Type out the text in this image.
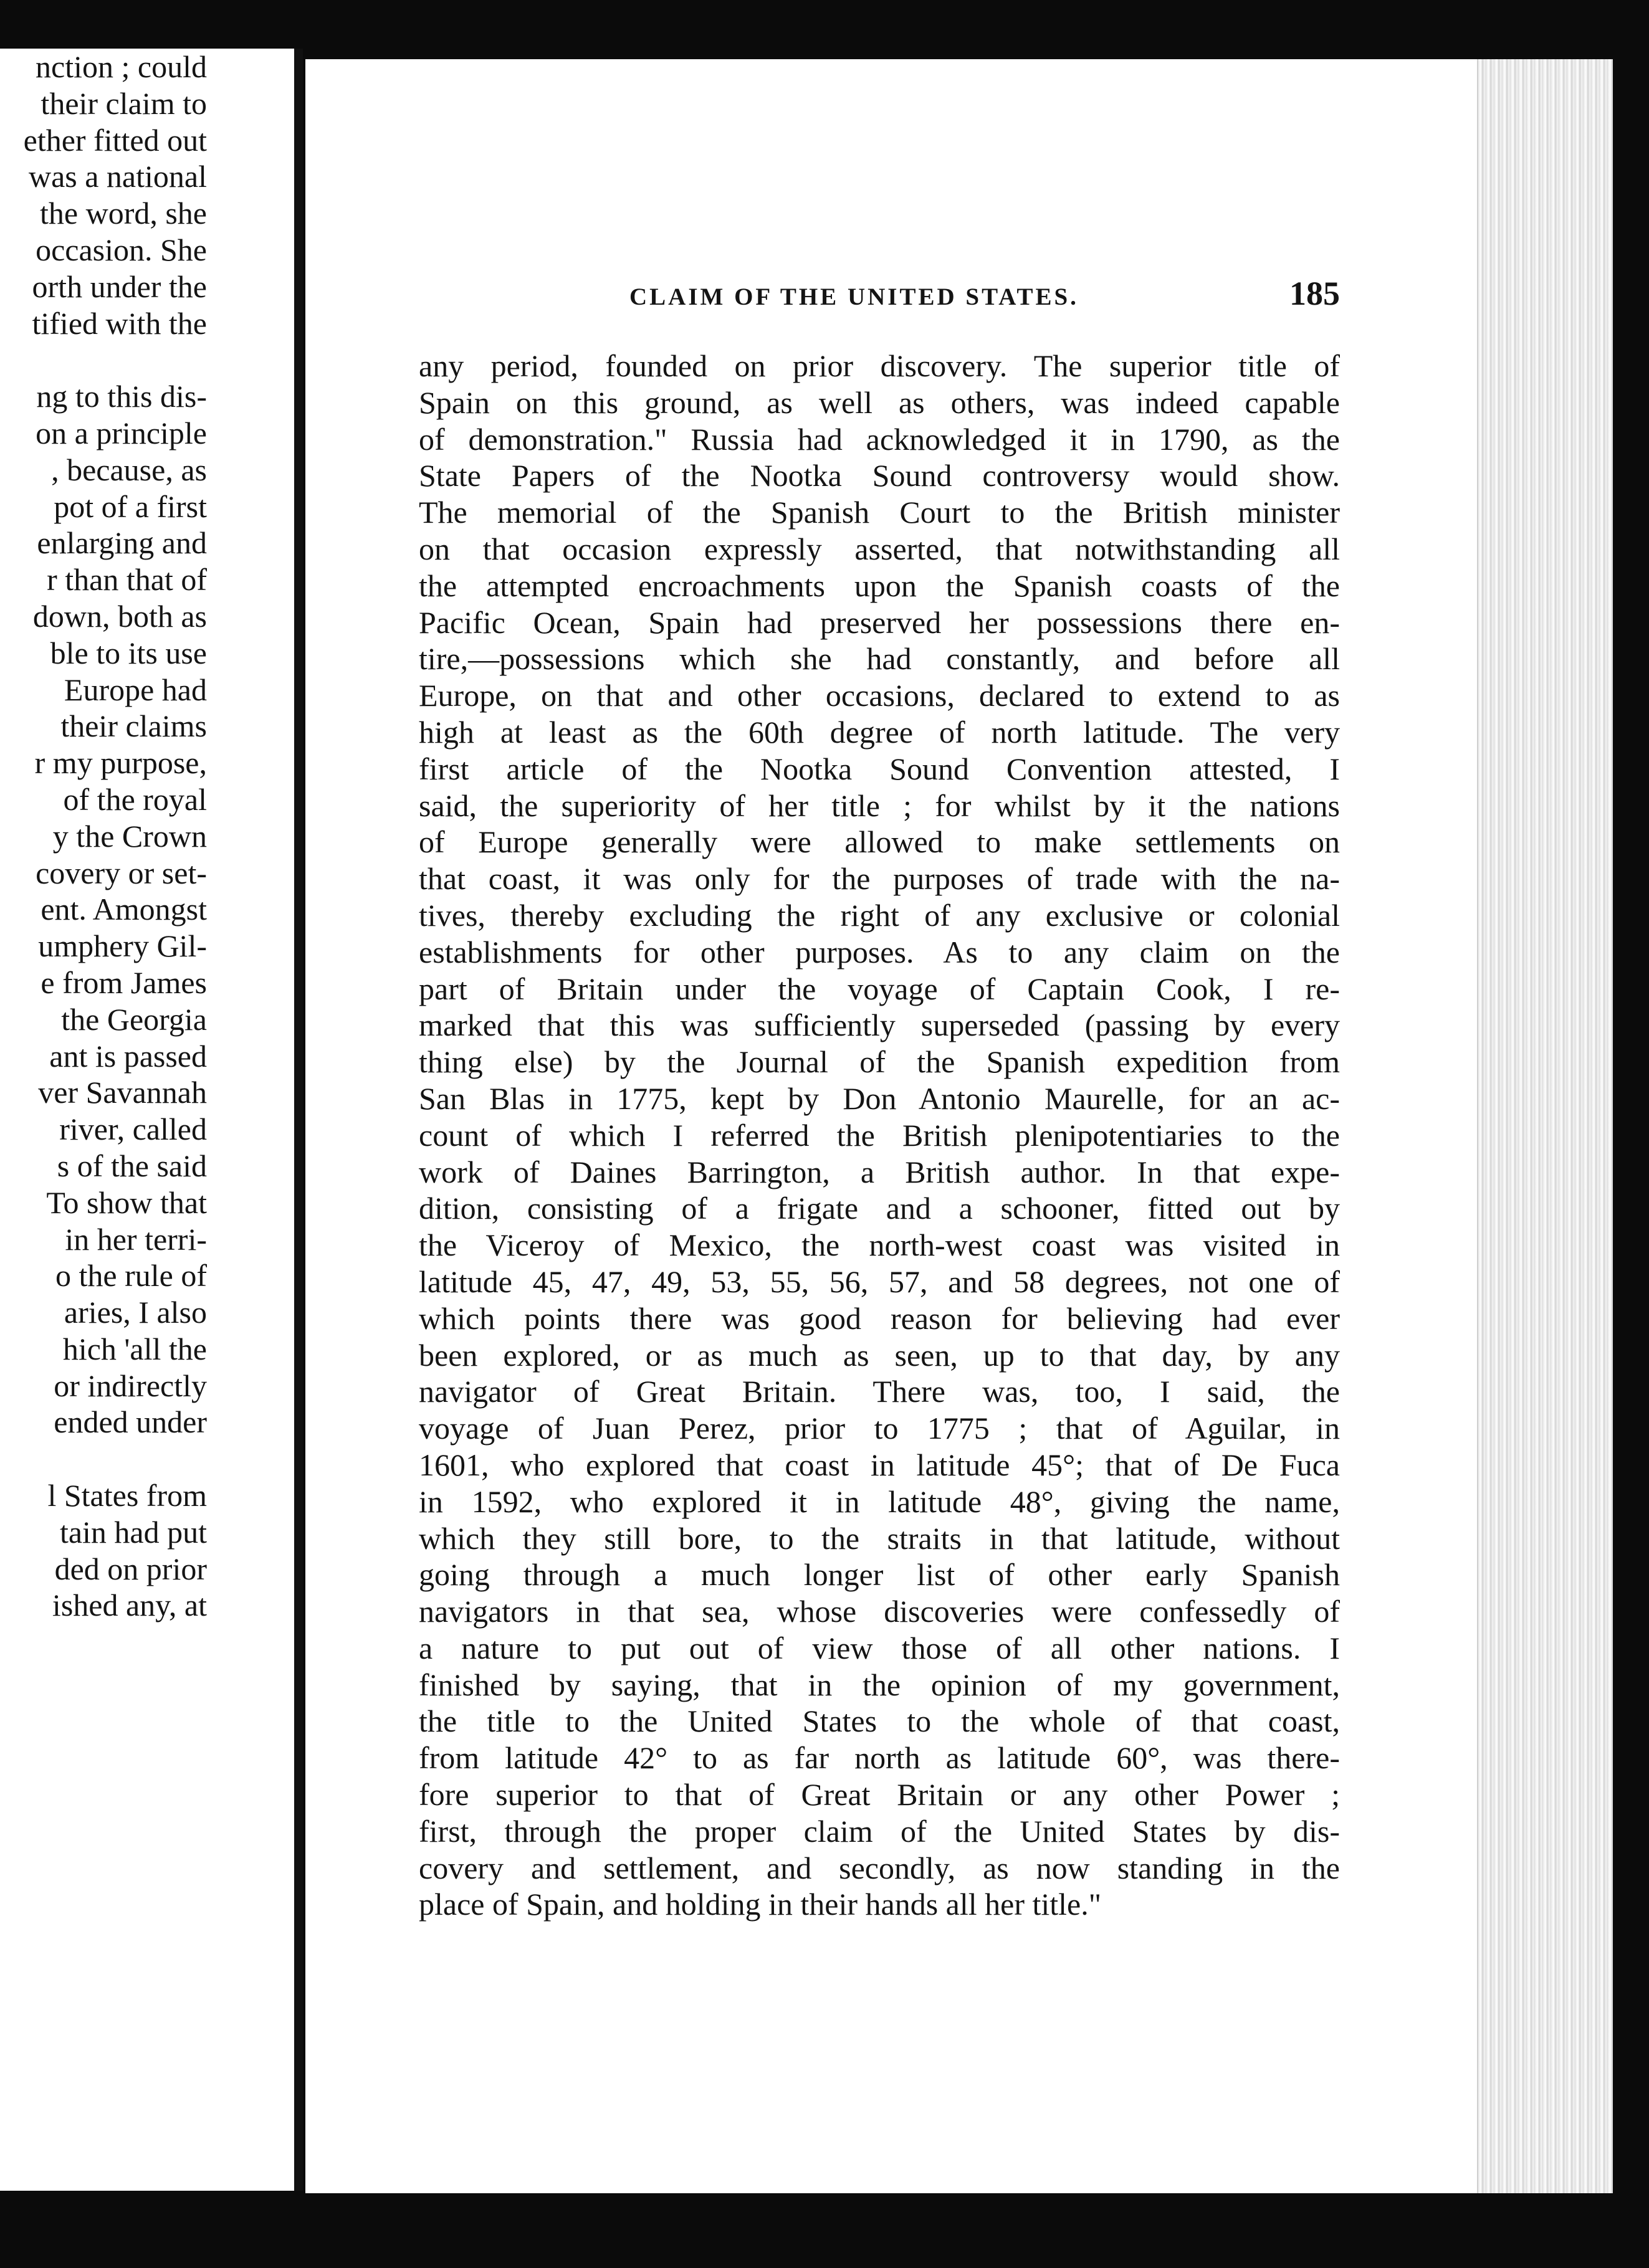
nction ; could
their claim to
ether fitted out
was a national
the word, she
occasion. She
orth under the
tified with the
ng to this dis-
on a principle
, because, as
pot of a first
enlarging and
r than that of
down, both as
ble to its use
Europe had
their claims
r my purpose,
of the royal
y the Crown
covery or set-
ent. Amongst
umphery Gil-
e from James
the Georgia
ant is passed
ver Savannah
river, called
s of the said
To show that
in her terri-
o the rule of
aries, I also
hich 'all the
or indirectly
ended under
l States from
tain had put
ded on prior
ished any, at
CLAIM OF THE UNITED STATES.	185
any period, founded on prior discovery. The superior title of
Spain on this ground, as well as others, was indeed capable
of demonstration." Russia had acknowledged it in 1790, as the
State Papers of the Nootka Sound controversy would show.
The memorial of the Spanish Court to the British minister
on that occasion expressly asserted, that notwithstanding all
the attempted encroachments upon the Spanish coasts of the
Pacific Ocean, Spain had preserved her possessions there en-
tire,—possessions which she had constantly, and before all
Europe, on that and other occasions, declared to extend to as
high at least as the 60th degree of north latitude. The very
first article of the Nootka Sound Convention attested, I
said, the superiority of her title ; for whilst by it the nations
of Europe generally were allowed to make settlements on
that coast, it was only for the purposes of trade with the na-
tives, thereby excluding the right of any exclusive or colonial
establishments for other purposes. As to any claim on the
part of Britain under the voyage of Captain Cook, I re-
marked that this was sufficiently superseded (passing by every
thing else) by the Journal of the Spanish expedition from
San Blas in 1775, kept by Don Antonio Maurelle, for an ac-
count of which I referred the British plenipotentiaries to the
work of Daines Barrington, a British author. In that expe-
dition, consisting of a frigate and a schooner, fitted out by
the Viceroy of Mexico, the north-west coast was visited in
latitude 45, 47, 49, 53, 55, 56, 57, and 58 degrees, not one of
which points there was good reason for believing had ever
been explored, or as much as seen, up to that day, by any
navigator of Great Britain. There was, too, I said, the
voyage of Juan Perez, prior to 1775 ; that of Aguilar, in
1601, who explored that coast in latitude 45°; that of De Fuca
in 1592, who explored it in latitude 48°, giving the name,
which they still bore, to the straits in that latitude, without
going through a much longer list of other early Spanish
navigators in that sea, whose discoveries were confessedly of
a nature to put out of view those of all other nations. I
finished by saying, that in the opinion of my government,
the title to the United States to the whole of that coast,
from latitude 42° to as far north as latitude 60°, was there-
fore superior to that of Great Britain or any other Power ;
first, through the proper claim of the United States by dis-
covery and settlement, and secondly, as now standing in the
place of Spain, and holding in their hands all her title."
